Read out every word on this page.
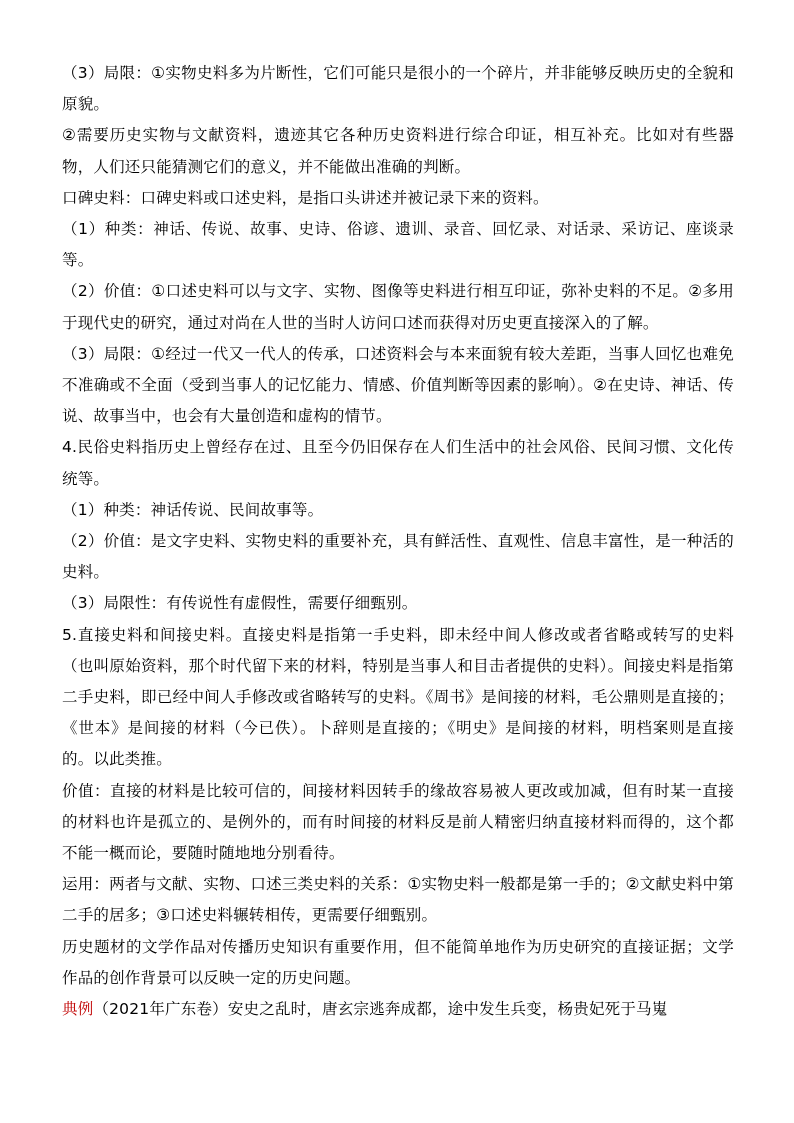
（3）局限：①实物史料多为片断性，它们可能只是很小的一个碎片，并非能够反映历史的全貌和原貌。

②需要历史实物与文献资料，遗迹其它各种历史资料进行综合印证，相互补充。比如对有些器物，人们还只能猜测它们的意义，并不能做出准确的判断。

口碑史料：口碑史料或口述史料，是指口头讲述并被记录下来的资料。

（1）种类：神话、传说、故事、史诗、俗谚、遗训、录音、回忆录、对话录、采访记、座谈录等。

（2）价值：①口述史料可以与文字、实物、图像等史料进行相互印证，弥补史料的不足。②多用于现代史的研究，通过对尚在人世的当时人访问口述而获得对历史更直接深入的了解。

（3）局限：①经过一代又一代人的传承，口述资料会与本来面貌有较大差距，当事人回忆也难免不准确或不全面（受到当事人的记忆能力、情感、价值判断等因素的影响）。②在史诗、神话、传说、故事当中，也会有大量创造和虚构的情节。

4.民俗史料指历史上曾经存在过、且至今仍旧保存在人们生活中的社会风俗、民间习惯、文化传统等。

（1）种类：神话传说、民间故事等。

（2）价值：是文字史料、实物史料的重要补充，具有鲜活性、直观性、信息丰富性，是一种活的史料。

（3）局限性：有传说性有虚假性，需要仔细甄别。

5.直接史料和间接史料。直接史料是指第一手史料，即未经中间人修改或者省略或转写的史料（也叫原始资料，那个时代留下来的材料，特别是当事人和目击者提供的史料）。间接史料是指第二手史料，即已经中间人手修改或省略转写的史料。《周书》是间接的材料，毛公鼎则是直接的；《世本》是间接的材料（今已佚）。卜辞则是直接的；《明史》是间接的材料，明档案则是直接的。以此类推。

价值：直接的材料是比较可信的，间接材料因转手的缘故容易被人更改或加减，但有时某一直接的材料也许是孤立的、是例外的，而有时间接的材料反是前人精密归纳直接材料而得的，这个都不能一概而论，要随时随地地分别看待。

运用：两者与文献、实物、口述三类史料的关系：①实物史料一般都是第一手的；②文献史料中第二手的居多；③口述史料辗转相传，更需要仔细甄别。

历史题材的文学作品对传播历史知识有重要作用，但不能简单地作为历史研究的直接证据；文学作品的创作背景可以反映一定的历史问题。

典例（2021年广东卷）安史之乱时，唐玄宗逃奔成都，途中发生兵变，杨贵妃死于马嵬
